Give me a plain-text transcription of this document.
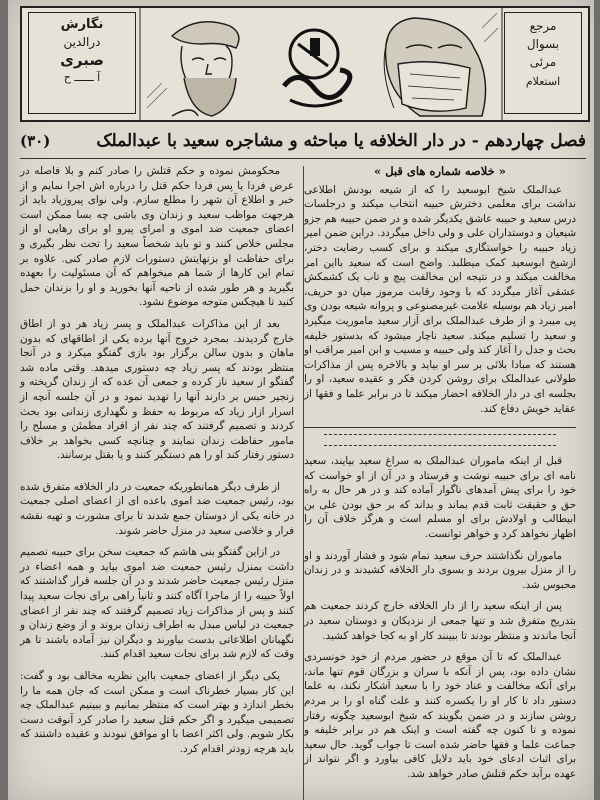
نگارش
درالدین
صبری
آ ــــــ ح
مرجع
بسوال
مرئی
استعلام
فصل چهاردهم - در دار الخلافه یا مباحثه و مشاجره سعید با عبدالملک
(۳۰)
« خلاصه شماره های قبل »

عبدالملک شیخ ابوسعید را که از شیعه بودنش اطلاعی نداشت برای معلمی دخترش حبیبه انتخاب میکند و درجلسات درس سعید و حبیبه عاشق یکدیگر شده و در ضمن حبیبه هم جزو شیعیان و دوستداران علی و ولی داخل میگردد. دراین ضمن امیر زیاد حبیبه را خواستگاری میکند و برای کسب رضایت دختر، ازشیخ ابوسعید کمک میطلبد. واضح است که سعید بااین امر مخالفت میکند و در نتیجه این مخالفت پیچ و تاب یک کشمکش عشقی آغاز میگردد که با وجود رقابت مرموز میان دو حریف، امیر زیاد هم بوسیله علامت غیرمصنوعی و پروانه شیعه بودن وی پی میبرد و از طرف عبدالملک برای آزار سعید ماموریت میگیرد و سعید را تسلیم میکند. سعید ناچار میشود که بدستور خلیفه بحث و جدل را آغاز کند ولی حبیبه و مسیب و ابن امیر مراقب او هستند که مبادا بلائی بر سر او بیاید و بالاخره پس از مذاکرات طولانی عبدالملک برای روشن کردن فکر و عقیده سعید، او را بجلسه ای در دار الخلافه احضار میکند تا در برابر علما و فقها از عقاید خویش دفاع کند.

قبل از اینکه ماموران عبدالملک به سراغ سعید بیایند، سعید نامه ای برای حبیبه نوشت و فرستاد و در آن از او خواست که خود را برای پیش آمدهای ناگوار آماده کند و در هر حال به راه حق و حقیقت ثابت قدم بماند و بداند که بر حق بودن علی بن ابیطالب و اولادش برای او مسلم است و هرگز خلاف آن را اظهار نخواهد کرد و خواهر توانست.

ماموران نگذاشتند حرف سعید تمام شود و فشار آوردند و او را از منزل بیرون بردند و بسوی دار الخلافه کشیدند و در زندان محبوس شد.

پس از اینکه سعید را از دار الخلافه خارج کردند جمعیت هم بتدریج متفرق شد و تنها جمعی از نزدیکان و دوستان سعید در آنجا ماندند و منتظر بودند تا ببینند کار او به کجا خواهد کشید.

عبدالملک که تا آن موقع در حضور مردم از خود خونسردی نشان داده بود، پس از آنکه با سران و بزرگان قوم تنها ماند، برای آنکه مخالفت و عناد خود را با سعید آشکار نکند، به علما دستور داد تا کار او را یکسره کنند و علت گناه او را بر مردم روشن سازند و در ضمن بگویند که شیخ ابوسعید چگونه رفتار نموده و تا کنون چه گفته است و اینک هم در برابر خلیفه و جماعت علما و فقها حاضر شده است تا جواب گوید. حال سعید برای اثبات ادعای خود باید دلایل کافی بیاورد و اگر نتواند از عهده برآید حکم قتلش صادر خواهد شد.

محکومش نموده و حکم قتلش را صادر کنم و بلا فاصله در عرض فردا یا پس فردا حکم قتل را درباره اش اجرا نمایم و از خبر و اطلاع آن شهر را مطلع سازم. ولی نوای پیروزیاد باید از هرجهت مواظب سعید و زندان وی باشی چه بسا ممکن است اعضای جمعیت ضد اموی و امرای پیرو او برای رهایی او از مجلس خلاص کنند و تو باید شخصاً سعید را تحت نظر بگیری و برای حفاظت او بزنهایتش دستورات لازم صادر کنی. علاوه بر تمام این کارها از شما هم میخواهم که آن مسئولیت را بعهده بگیرید و هر طور شده از ناحیه آنها بخورید و او را بزندان حمل کنید تا هیچکس متوجه موضوع نشود.

بعد از این مذاکرات عبدالملک و پسر زیاد هر دو از اطاق خارج گردیدند. بمجرد خروج آنها برده یکی از اطاقهای که بدون ماهان و بدون سالن برگزار بود بازی گفتگو میکرد و در آنجا منتظر بودند که پسر زیاد چه دستوری میدهد. وقتی ماده شد گفتگو از سعید ناز کرده و جمعی آن عده که از زندان گریخته و زنجیر حبس بر دارند آنها را تهدید نمود و در آن جلسه آنچه از اسرار ازار زیاد که مربوط به حفظ و نگهداری زندانی بود بحث کردند و تصمیم گرفتند که چند نفر از افراد مطمئن و مسلح را مامور حفاظت زندان نمایند و چنانچه کسی بخواهد بر خلاف دستور رفتار کند او را هم دستگیر کنند و یا بقتل برسانند.

از طرف دیگر همانطوریکه جمعیت در دار الخلافه متفرق شده بود، رئیس جمعیت ضد اموی باعده ای از اعضای اصلی جمعیت در خانه یکی از دوستان جمع شدند تا برای مشورت و تهیه نقشه فرار و خلاصی سعید در منزل حاضر شوند.

در ازاین گفتگو بنی هاشم که جمعیت سخن برای حبیبه تصمیم داشت بمنزل رئیس جمعیت ضد اموی بیاید و همه اعضاء در منزل رئیس جمعیت حاضر شدند و در آن جلسه قرار گذاشتند که اولاً حبیبه را از ماجرا آگاه کنند و ثانیاً راهی برای نجات سعید پیدا کنند و پس از مذاکرات زیاد تصمیم گرفتند که چند نفر از اعضای جمعیت در لباس مبدل به اطراف زندان بروند و از وضع زندان و نگهبانان اطلاعاتی بدست بیاورند و دیگران نیز آماده باشند تا هر وقت که لازم شد برای نجات سعید اقدام کنند.

یکی دیگر از اعضای جمعیت بااین نظریه مخالف بود و گفت: این کار بسیار خطرناک است و ممکن است که جان همه ما را بخطر اندازد و بهتر است که منتظر بمانیم و ببینیم عبدالملک چه تصمیمی میگیرد و اگر حکم قتل سعید را صادر کرد آنوقت دست بکار شویم. ولی اکثر اعضا با او موافق نبودند و عقیده داشتند که باید هرچه زودتر اقدام کرد.
